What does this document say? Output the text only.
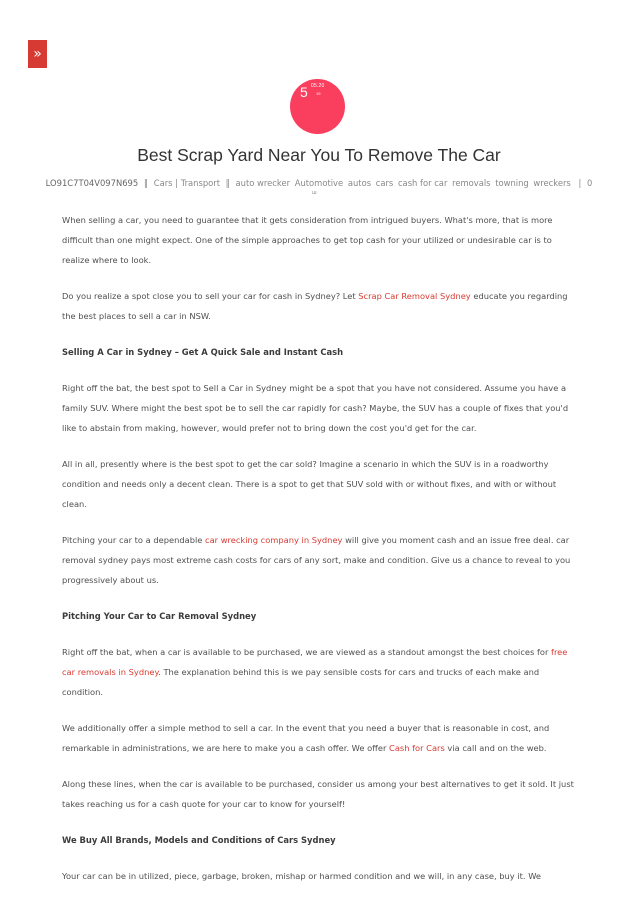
»
5 05.20
19
Best Scrap Yard Near You To Remove The Car
LO91C7T04V097N695 ‖ Cars | Transport ‖ auto wrecker Automotive autos cars cash for car removals towning wreckers | 0
ш

When selling a car, you need to guarantee that it gets consideration from intrigued buyers. What's more, that is more difficult than one might expect. One of the simple approaches to get top cash for your utilized or undesirable car is to realize where to look.

Do you realize a spot close you to sell your car for cash in Sydney? Let Scrap Car Removal Sydney educate you regarding the best places to sell a car in NSW.

Selling A Car in Sydney – Get A Quick Sale and Instant Cash

Right off the bat, the best spot to Sell a Car in Sydney might be a spot that you have not considered. Assume you have a family SUV. Where might the best spot be to sell the car rapidly for cash? Maybe, the SUV has a couple of fixes that you'd like to abstain from making, however, would prefer not to bring down the cost you'd get for the car.

All in all, presently where is the best spot to get the car sold? Imagine a scenario in which the SUV is in a roadworthy condition and needs only a decent clean. There is a spot to get that SUV sold with or without fixes, and with or without clean.

Pitching your car to a dependable car wrecking company in Sydney will give you moment cash and an issue free deal. car removal sydney pays most extreme cash costs for cars of any sort, make and condition. Give us a chance to reveal to you progressively about us.

Pitching Your Car to Car Removal Sydney

Right off the bat, when a car is available to be purchased, we are viewed as a standout amongst the best choices for free car removals in Sydney. The explanation behind this is we pay sensible costs for cars and trucks of each make and condition.

We additionally offer a simple method to sell a car. In the event that you need a buyer that is reasonable in cost, and remarkable in administrations, we are here to make you a cash offer. We offer Cash for Cars via call and on the web.

Along these lines, when the car is available to be purchased, consider us among your best alternatives to get it sold. It just takes reaching us for a cash quote for your car to know for yourself!

We Buy All Brands, Models and Conditions of Cars Sydney

Your car can be in utilized, piece, garbage, broken, mishap or harmed condition and we will, in any case, buy it. We
